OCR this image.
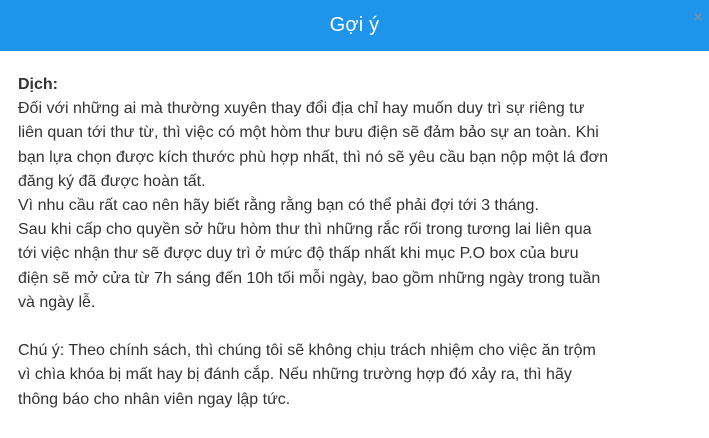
Gợi ý	×

Dịch:

Đối với những ai mà thường xuyên thay đổi địa chỉ hay muốn duy trì sự riêng tư

liên quan tới thư từ, thì việc có một hòm thư bưu điện sẽ đảm bảo sự an toàn. Khi

bạn lựa chọn được kích thước phù hợp nhất, thì nó sẽ yêu cầu bạn nộp một lá đơn

đăng ký đã được hoàn tất.

Vì nhu cầu rất cao nên hãy biết rằng rằng bạn có thể phải đợi tới 3 tháng.

Sau khi cấp cho quyền sở hữu hòm thư thì những rắc rối trong tương lai liên qua

tới việc nhận thư sẽ được duy trì ở mức độ thấp nhất khi mục P.O box của bưu

điện sẽ mở cửa từ 7h sáng đến 10h tối mỗi ngày, bao gồm những ngày trong tuần

và ngày lễ.

Chú ý: Theo chính sách, thì chúng tôi sẽ không chịu trách nhiệm cho việc ăn trộm

vì chìa khóa bị mất hay bị đánh cắp. Nếu những trường hợp đó xảy ra, thì hãy

thông báo cho nhân viên ngay lập tức.
